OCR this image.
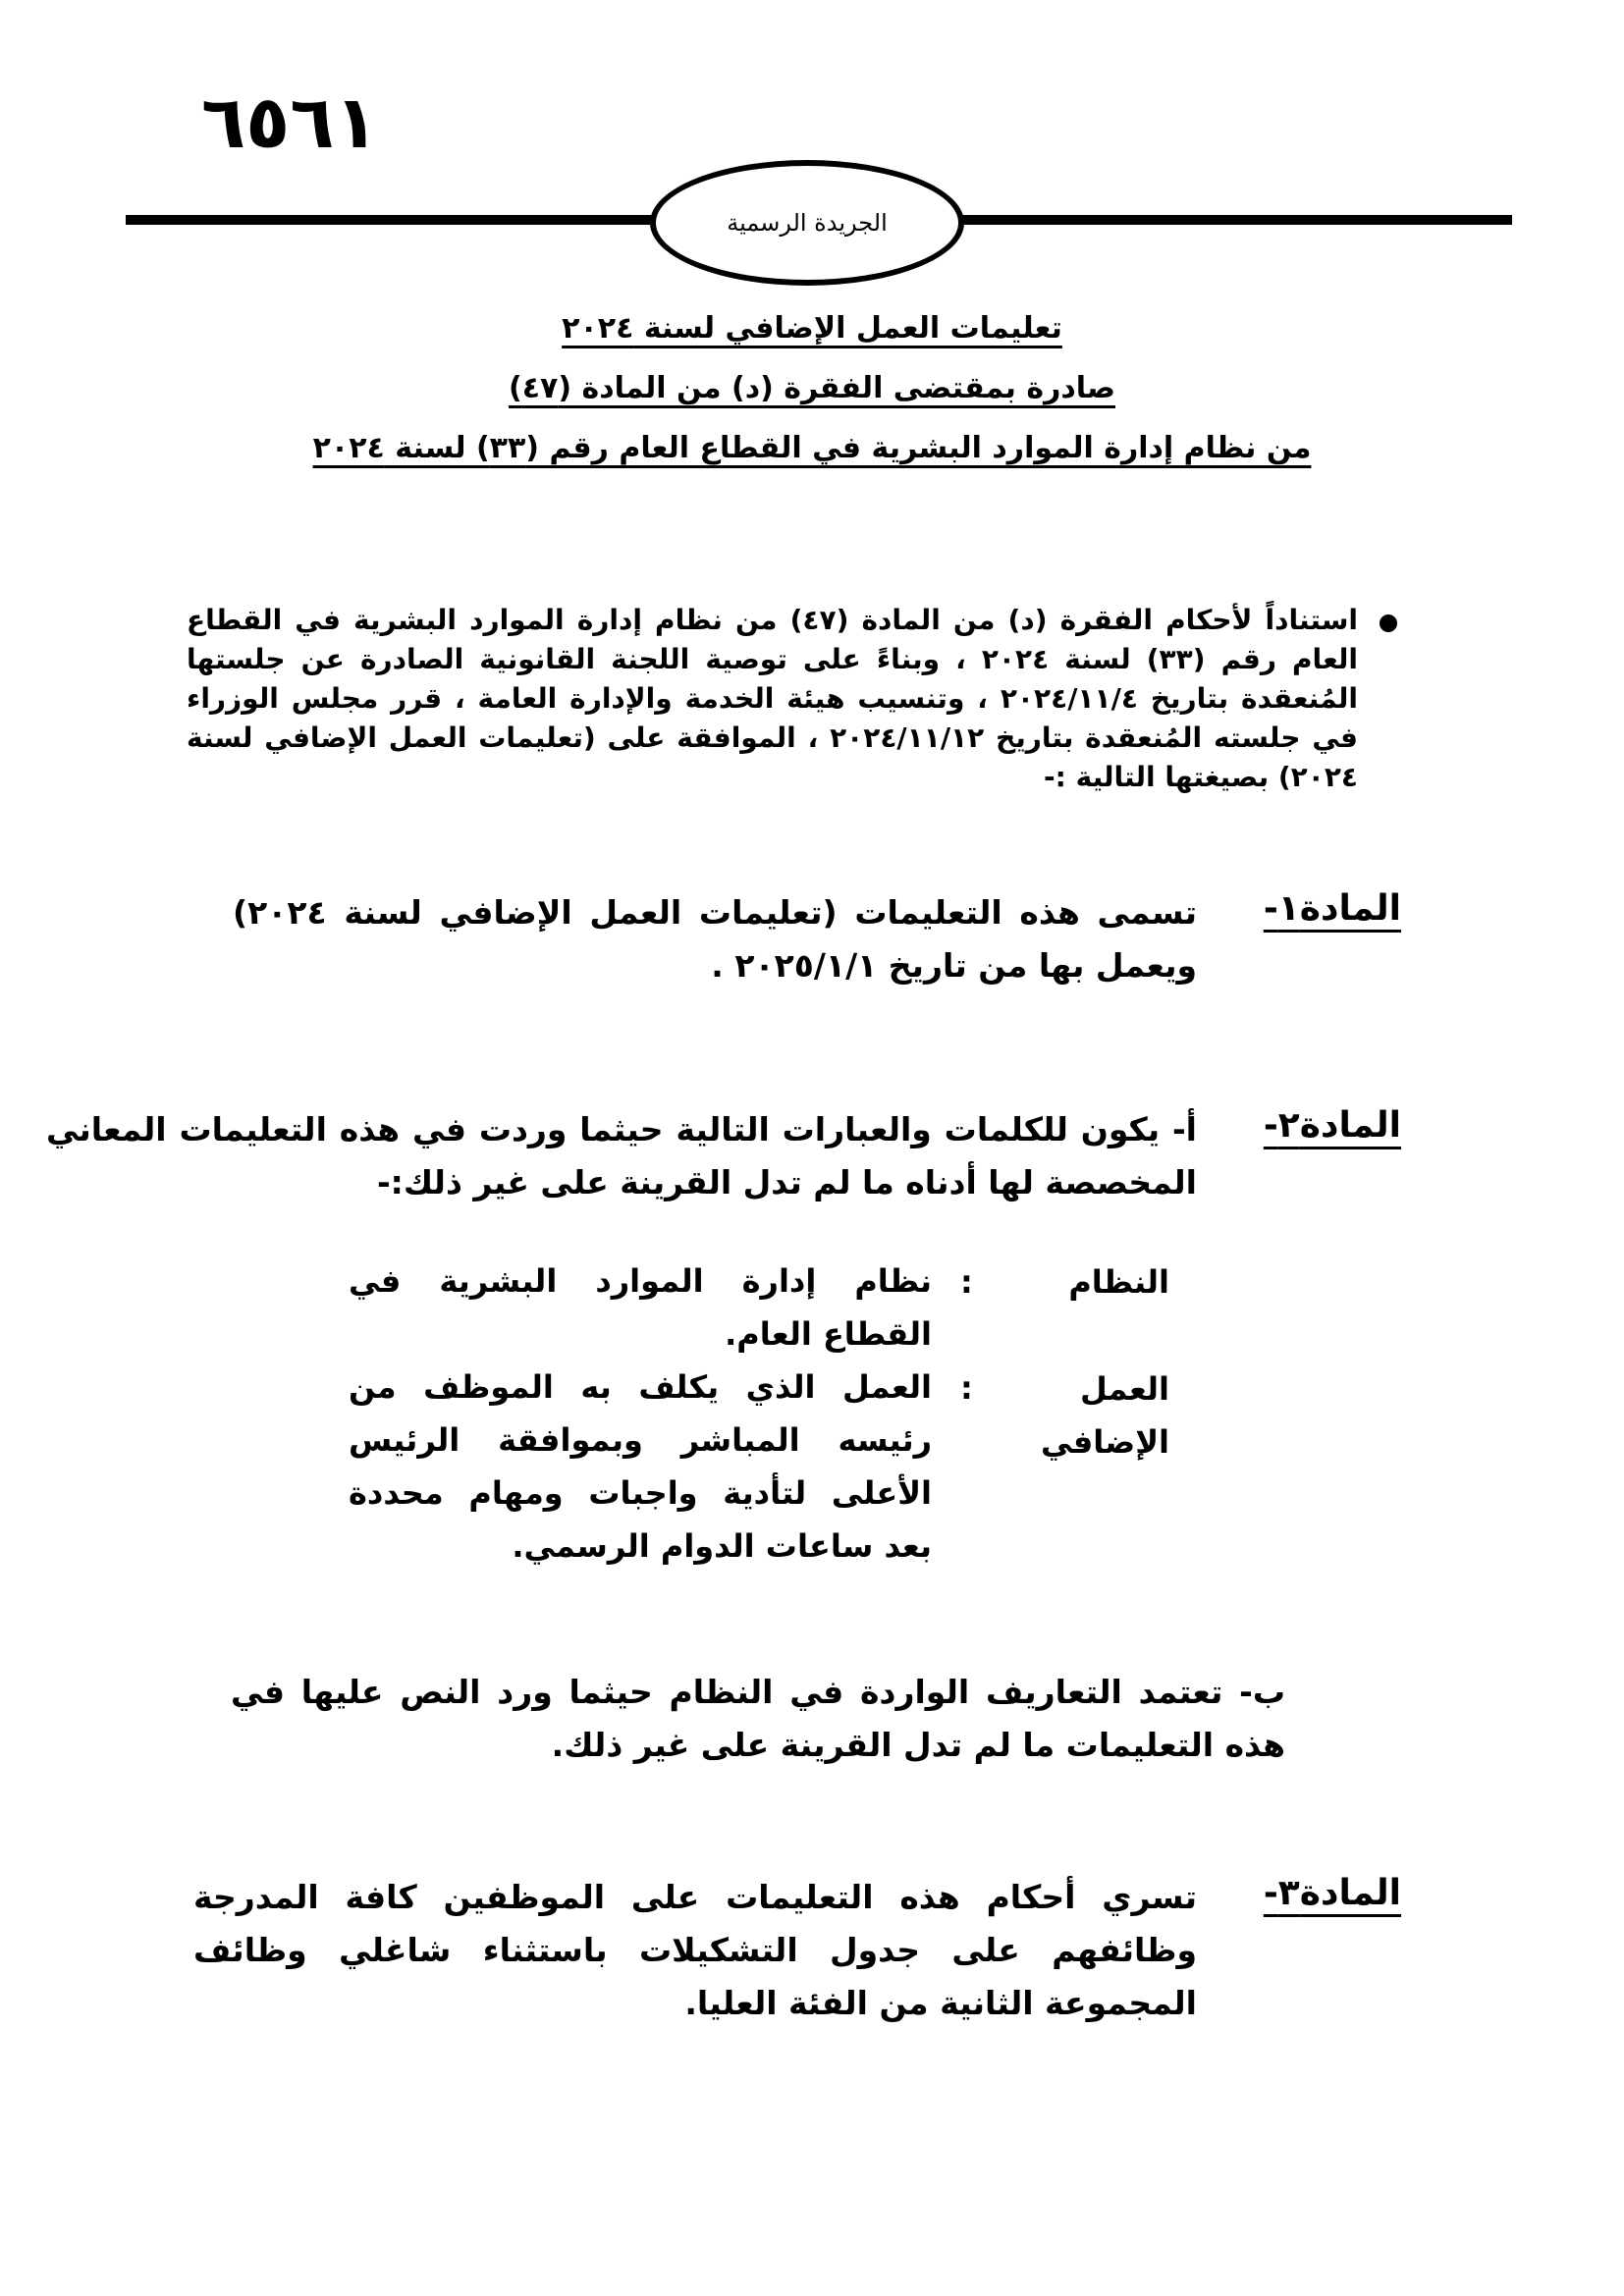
٦٥٦١
الجريدة الرسمية
تعليمات العمل الإضافي لسنة ٢٠٢٤
صادرة بمقتضى الفقرة (د) من المادة (٤٧)
من نظام إدارة الموارد البشرية في القطاع العام رقم (٣٣) لسنة ٢٠٢٤
استناداً لأحكام الفقرة (د) من المادة (٤٧) من نظام إدارة الموارد البشرية في القطاع العام رقم (٣٣) لسنة ٢٠٢٤ ، وبناءً على توصية اللجنة القانونية الصادرة عن جلستها المُنعقدة بتاريخ ٢٠٢٤/١١/٤ ، وتنسيب هيئة الخدمة والإدارة العامة ، قرر مجلس الوزراء في جلسته المُنعقدة بتاريخ ٢٠٢٤/١١/١٢ ، الموافقة على (تعليمات العمل الإضافي لسنة ٢٠٢٤) بصيغتها التالية :-
المادة١-
تسمى هذه التعليمات (تعليمات العمل الإضافي لسنة ٢٠٢٤) ويعمل بها من تاريخ ٢٠٢٥/١/١ .
المادة٢-
أ- يكون للكلمات والعبارات التالية حيثما وردت في هذه التعليمات المعاني المخصصة لها أدناه ما لم تدل القرينة على غير ذلك:-
النظام
:
نظام إدارة الموارد البشرية في القطاع العام.
العمل الإضافي
:
العمل الذي يكلف به الموظف من رئيسه المباشر وبموافقة الرئيس الأعلى لتأدية واجبات ومهام محددة بعد ساعات الدوام الرسمي.
ب- تعتمد التعاريف الواردة في النظام حيثما ورد النص عليها في هذه التعليمات ما لم تدل القرينة على غير ذلك.
المادة٣-
تسري أحكام هذه التعليمات على الموظفين كافة المدرجة وظائفهم على جدول التشكيلات باستثناء شاغلي وظائف المجموعة الثانية من الفئة العليا.
